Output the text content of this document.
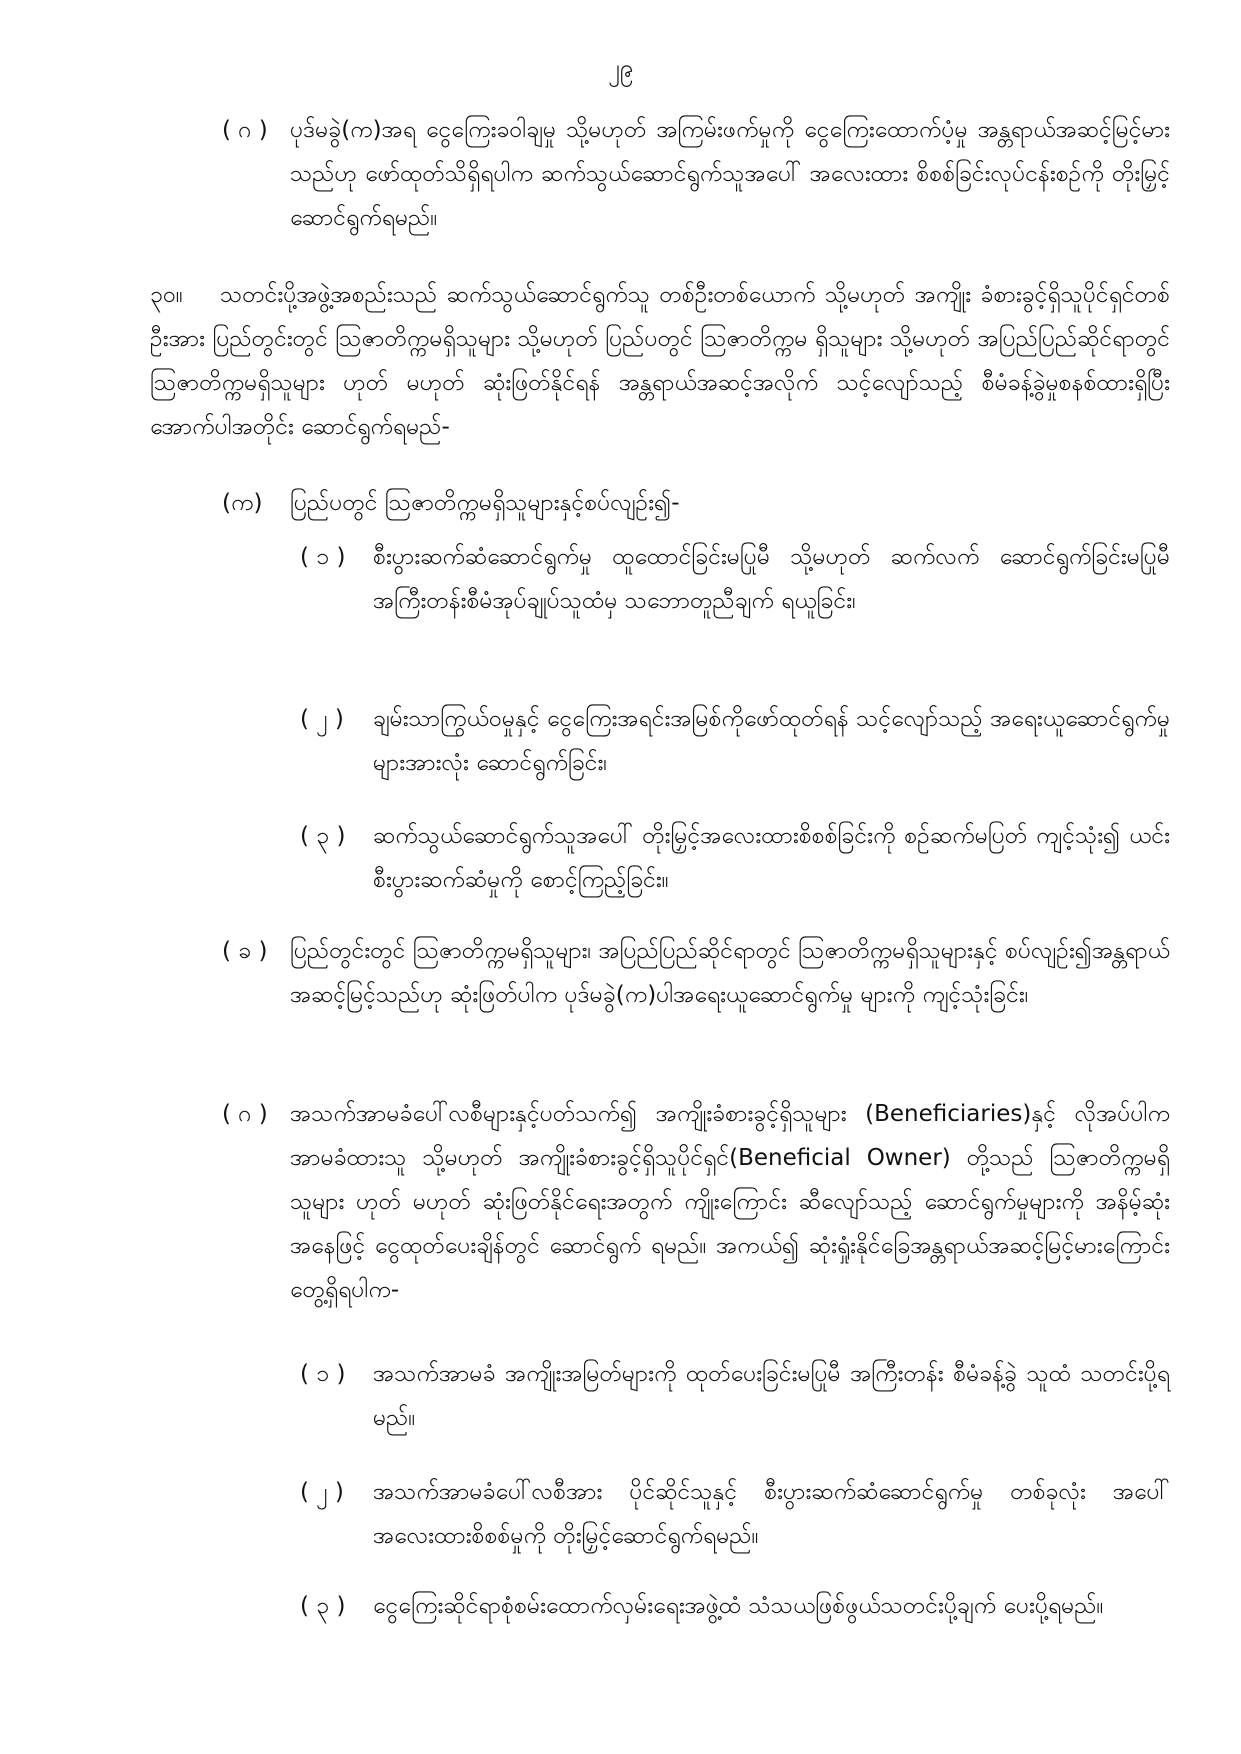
၂၉
( ဂ ) ပုဒ်မခွဲ(က)အရ ငွေကြေးခဝါချမှု သို့မဟုတ် အကြမ်းဖက်မှုကို ငွေကြေးထောက်ပံ့မှု အန္တရာယ်အဆင့်မြင့်မားသည်ဟု ဖော်ထုတ်သိရှိရပါက ဆက်သွယ်ဆောင်ရွက်သူအပေါ် အလေးထား စိစစ်ခြင်းလုပ်ငန်းစဉ်ကို တိုးမြှင့်ဆောင်ရွက်ရမည်။
၃၀။	သတင်းပို့အဖွဲ့အစည်းသည် ဆက်သွယ်ဆောင်ရွက်သူ တစ်ဦးတစ်ယောက် သို့မဟုတ် အကျိုး ခံစားခွင့်ရှိသူပိုင်ရှင်တစ်ဦးအား ပြည်တွင်းတွင် သြဇာတိက္ကမရှိသူများ သို့မဟုတ် ပြည်ပတွင် သြဇာတိက္ကမ ရှိသူများ သို့မဟုတ် အပြည်ပြည်ဆိုင်ရာတွင် သြဇာတိက္ကမရှိသူများ ဟုတ် မဟုတ် ဆုံးဖြတ်နိုင်ရန် အန္တရာယ်အဆင့်အလိုက် သင့်လျော်သည့် စီမံခန့်ခွဲမှုစနစ်ထားရှိပြီး အောက်ပါအတိုင်း ဆောင်ရွက်ရမည်-
(က) ပြည်ပတွင် သြဇာတိက္ကမရှိသူများနှင့်စပ်လျဉ်း၍-
( ၁ ) စီးပွားဆက်ဆံဆောင်ရွက်မှု ထူထောင်ခြင်းမပြုမီ သို့မဟုတ် ဆက်လက် ဆောင်ရွက်ခြင်းမပြုမီ အကြီးတန်းစီမံအုပ်ချုပ်သူထံမှ သဘောတူညီချက် ရယူခြင်း၊
( ၂ ) ချမ်းသာကြွယ်ဝမှုနှင့် ငွေကြေးအရင်းအမြစ်ကိုဖော်ထုတ်ရန် သင့်လျော်သည့် အရေးယူဆောင်ရွက်မှုများအားလုံး ဆောင်ရွက်ခြင်း၊
( ၃ ) ဆက်သွယ်ဆောင်ရွက်သူအပေါ် တိုးမြှင့်အလေးထားစိစစ်ခြင်းကို စဉ်ဆက်မပြတ် ကျင့်သုံး၍ ယင်းစီးပွားဆက်ဆံမှုကို စောင့်ကြည့်ခြင်း။
( ခ ) ပြည်တွင်းတွင် သြဇာတိက္ကမရှိသူများ၊ အပြည်ပြည်ဆိုင်ရာတွင် သြဇာတိက္ကမရှိသူများနှင့် စပ်လျဉ်း၍အန္တရာယ်အဆင့်မြင့်သည်ဟု ဆုံးဖြတ်ပါက ပုဒ်မခွဲ(က)ပါအရေးယူဆောင်ရွက်မှု များကို ကျင့်သုံးခြင်း၊
( ဂ ) အသက်အာမခံပေါ်လစီများနှင့်ပတ်သက်၍ အကျိုးခံစားခွင့်ရှိသူများ (Beneficiaries)နှင့် လိုအပ်ပါကအာမခံထားသူ သို့မဟုတ် အကျိုးခံစားခွင့်ရှိသူပိုင်ရှင်(Beneficial Owner) တို့သည် သြဇာတိက္ကမရှိသူများ ဟုတ် မဟုတ် ဆုံးဖြတ်နိုင်ရေးအတွက် ကျိုးကြောင်း ဆီလျော်သည့် ဆောင်ရွက်မှုများကို အနိမ့်ဆုံးအနေဖြင့် ငွေထုတ်ပေးချိန်တွင် ဆောင်ရွက် ရမည်။ အကယ်၍ ဆုံးရှုံးနိုင်ခြေအန္တရာယ်အဆင့်မြင့်မားကြောင်း တွေ့ရှိရပါက-
( ၁ ) အသက်အာမခံ အကျိုးအမြတ်များကို ထုတ်ပေးခြင်းမပြုမီ အကြီးတန်း စီမံခန့်ခွဲ သူထံ သတင်းပို့ရမည်။
( ၂ ) အသက်အာမခံပေါ်လစီအား ပိုင်ဆိုင်သူနှင့် စီးပွားဆက်ဆံဆောင်ရွက်မှု တစ်ခုလုံး အပေါ် အလေးထားစိစစ်မှုကို တိုးမြှင့်ဆောင်ရွက်ရမည်။
( ၃ ) ငွေကြေးဆိုင်ရာစုံစမ်းထောက်လှမ်းရေးအဖွဲ့ထံ သံသယဖြစ်ဖွယ်သတင်းပို့ချက် ပေးပို့ရမည်။
